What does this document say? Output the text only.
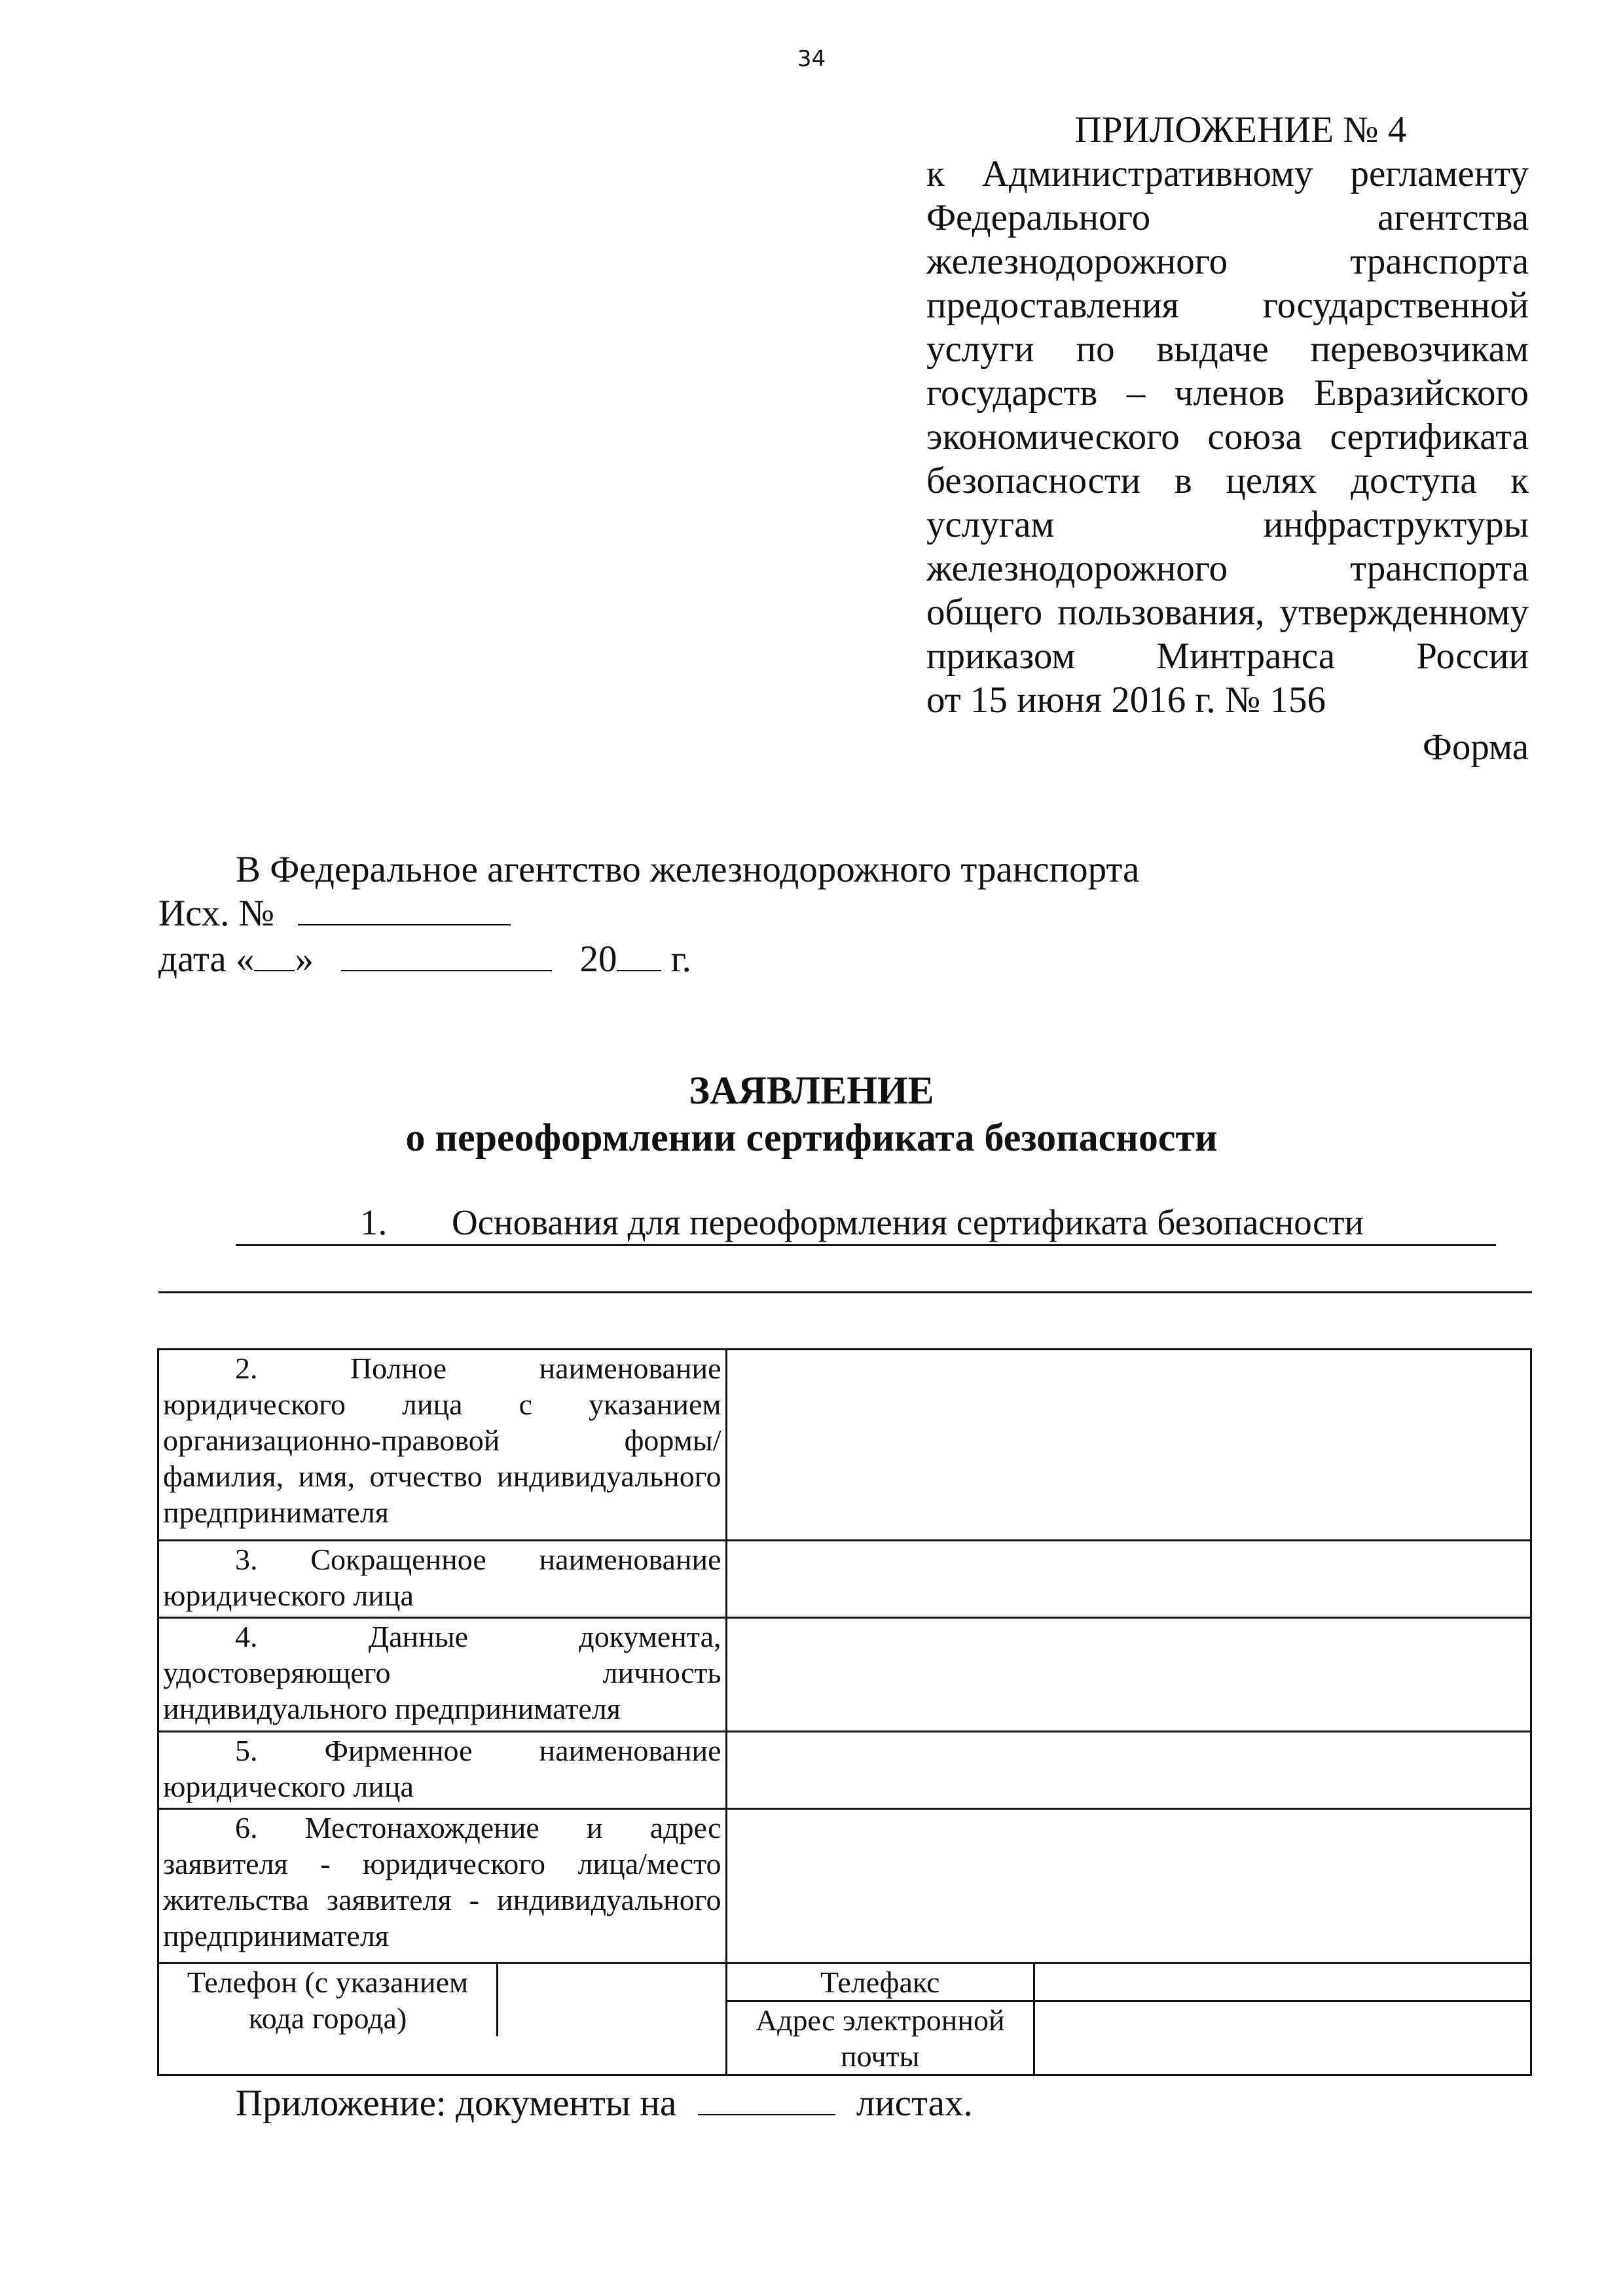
34
ПРИЛОЖЕНИЕ № 4
к Административному регламенту
Федерального	агентства
железнодорожного	транспорта
предоставления государственной
услуги по выдаче перевозчикам
государств – членов Евразийского
экономического союза сертификата
безопасности в целях доступа к
услугам	инфраструктуры
железнодорожного	транспорта
общего пользования, утвержденному
приказом Минтранса России
от 15 июня 2016 г. № 156
Форма
В Федеральное агентство железнодорожного транспорта
Исх. №
дата « »	20 г.
ЗАЯВЛЕНИЕ
о переоформлении сертификата безопасности
1. Основания для переоформления сертификата безопасности
2. Полное наименование юридического лица с указанием организационно-правовой формы/ фамилия, имя, отчество индивидуального предпринимателя		

3. Сокращенное наименование юридического лица		

4. Данные документа, удостоверяющего личность индивидуального предпринимателя		

5. Фирменное наименование юридического лица		

6. Местонахождение и адрес заявителя - юридического лица/место жительства заявителя - индивидуального предпринимателя		

Телефон (с указанием кода города)	Телефакс	
	Адрес электронной почты	
Приложение: документы на	листах.
